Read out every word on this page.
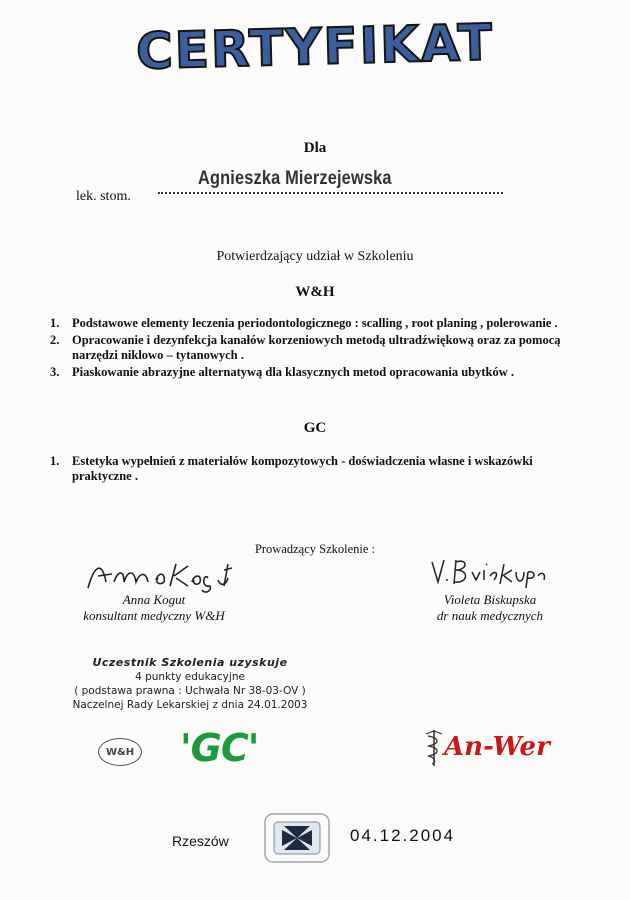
CERTYFIKAT
Dla
lek. stom.
Agnieszka Mierzejewska
Potwierdzający udział w Szkoleniu
W&H
1. Podstawowe elementy leczenia periodontologicznego : scalling , root planing , polerowanie .
2. Opracowanie i dezynfekcja kanałów korzeniowych metodą ultradźwiękową oraz za pomocą narzędzi niklowo – tytanowych .
3. Piaskowanie abrazyjne alternatywą dla klasycznych metod opracowania ubytków .
GC
1. Estetyka wypełnień z materiałów kompozytowych - doświadczenia własne i wskazówki praktyczne .
Prowadzący Szkolenie :
Anna Kogut
konsultant medyczny W&H
Violeta Biskupska
dr nauk medycznych
Uczestnik Szkolenia uzyskuje
4 punkty edukacyjne
( podstawa prawna : Uchwała Nr 38-03-OV )
Naczelnej Rady Lekarskiej z dnia 24.01.2003
W&H 'GC'	An-Wer
Rzeszów	04.12.2004
